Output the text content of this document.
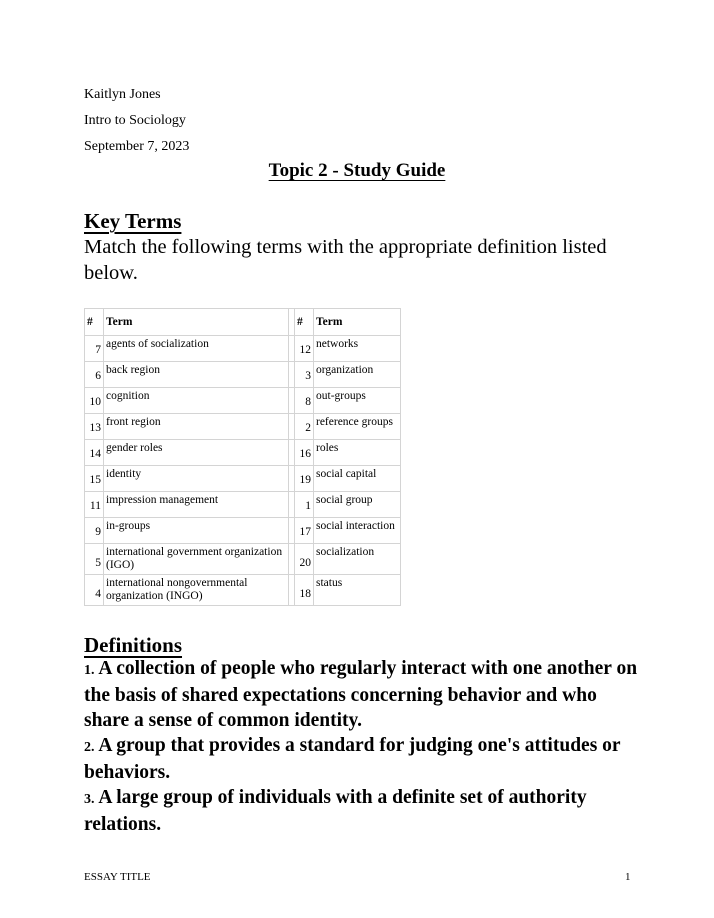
Kaitlyn Jones
Intro to Sociology
September 7, 2023
Topic 2 - Study Guide
Key Terms
Match the following terms with the appropriate definition listed below.
#	Term		#	Term
7	agents of socialization		12	networks
6	back region		3	organization
10	cognition		8	out-groups
13	front region		2	reference groups
14	gender roles		16	roles
15	identity		19	social capital
11	impression management		1	social group
9	in-groups		17	social interaction
5	international government organization (IGO)		20	socialization
4	international nongovernmental organization (INGO)		18	status
Definitions
1. A collection of people who regularly interact with one another on the basis of shared expectations concerning behavior and who share a sense of common identity.
2. A group that provides a standard for judging one's attitudes or behaviors.
3. A large group of individuals with a definite set of authority relations.
ESSAY TITLE	1
